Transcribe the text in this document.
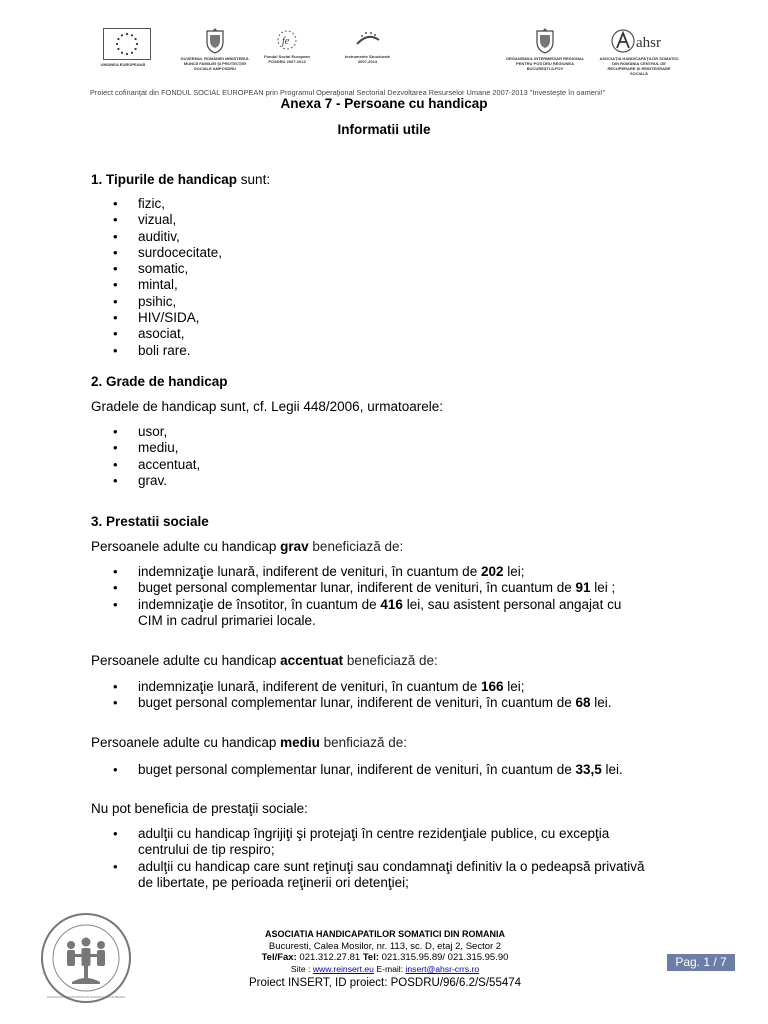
UNIUNEA EUROPEANĂ
GUVERNUL ROMÂNIEI MINISTERUL MUNCII FAMILIEI ŞI PROTECŢIEI SOCIALE AMPOSDRU
fe
Fondul Social European POSDRU 2007-2013
Instrumente Structurale 2007-2013
ORGANISMUL INTERMEDIAR REGIONAL PENTRU POS DRU REGIUNEA BUCUREŞTI-ILFOV
ahsr
ASOCIAŢIA HANDICAPAŢILOR SOMATICI DIN ROMÂNIA CENTRUL DE RECUPERARE ŞI REINTEGRARE SOCIALĂ
Proiect cofinanţat din FONDUL SOCIAL EUROPEAN prin Programul Operaţional Sectorial Dezvoltarea Resurselor Umane 2007-2013 "Investeşte în oameni!"
Anexa 7 - Persoane cu handicap
Informatii utile
1. Tipurile de handicap sunt:
• fizic,
• vizual,
• auditiv,
• surdocecitate,
• somatic,
• mintal,
• psihic,
• HIV/SIDA,
• asociat,
• boli rare.
2. Grade de handicap
Gradele de handicap sunt, cf. Legii 448/2006, urmatoarele:
• usor,
• mediu,
• accentuat,
• grav.
3. Prestatii sociale
Persoanele adulte cu handicap grav beneficiază de:
• indemnizaţie lunară, indiferent de venituri, în cuantum de 202 lei;
• buget personal complementar lunar, indiferent de venituri, în cuantum de 91 lei ;
• indemnizaţie de însotitor, în cuantum de 416 lei, sau asistent personal angajat cu
CIM in cadrul primariei locale.
Persoanele adulte cu handicap accentuat beneficiază de:
• indemnizaţie lunară, indiferent de venituri, în cuantum de 166 lei;
• buget personal complementar lunar, indiferent de venituri, în cuantum de 68 lei.
Persoanele adulte cu handicap mediu benficiază de:
• buget personal complementar lunar, indiferent de venituri, în cuantum de 33,5 lei.
Nu pot beneficia de prestaţii sociale:
• adulţii cu handicap îngrijiţi şi protejaţi în centre rezidenţiale publice, cu excepţia
centrului de tip respiro;
• adulţii cu handicap care sunt reţinuţi sau condamnaţi definitiv la o pedeapsă privativă
de libertate, pe perioada reţinerii ori detenţiei;
ASOCIATIA HANDICAPATILOR SOMATICI DIN ROMANIA
ASOCIATIA HANDICAPATILOR SOMATICI DIN ROMANIA
Bucuresti, Calea Mosilor, nr. 113, sc. D, etaj 2, Sector 2
Tel/Fax: 021.312.27.81 Tel: 021.315.95.89/ 021.315.95.90
Site : www.reinsert.eu E-mail: insert@ahsr-crrs.ro
Proiect INSERT, ID proiect: POSDRU/96/6.2/S/55474
Pag. 1 / 7
